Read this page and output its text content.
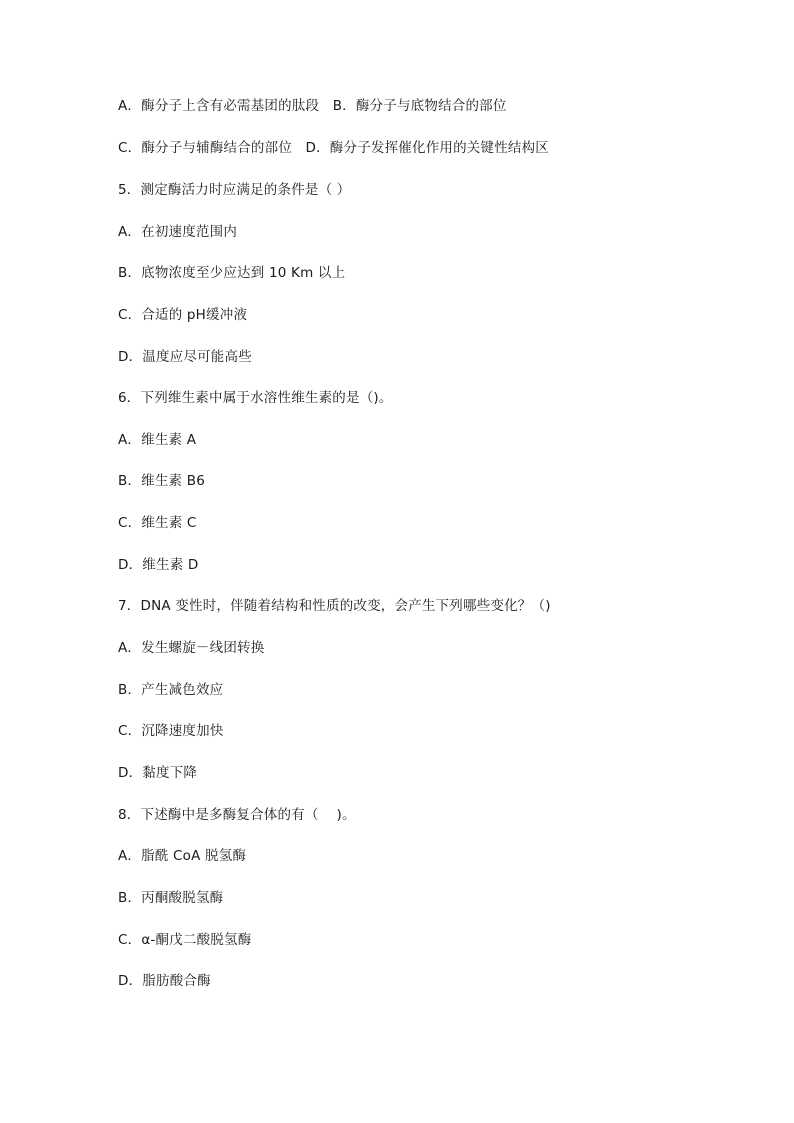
A．酶分子上含有必需基团的肽段   B．酶分子与底物结合的部位
C．酶分子与辅酶结合的部位   D．酶分子发挥催化作用的关键性结构区
5．测定酶活力时应满足的条件是（ ）
A．在初速度范围内
B．底物浓度至少应达到 10 Km 以上
C．合适的 pH缓冲液
D．温度应尽可能高些
6．下列维生素中属于水溶性维生素的是（)。
A．维生素 A
B．维生素 B6
C．维生素 C
D．维生素 D
7．DNA 变性时，伴随着结构和性质的改变，会产生下列哪些变化？（)
A．发生螺旋－线团转换
B．产生减色效应
C．沉降速度加快
D．黏度下降
8．下述酶中是多酶复合体的有（    )。
A．脂酰 CoA 脱氢酶
B．丙酮酸脱氢酶
C．α-酮戊二酸脱氢酶
D．脂肪酸合酶
